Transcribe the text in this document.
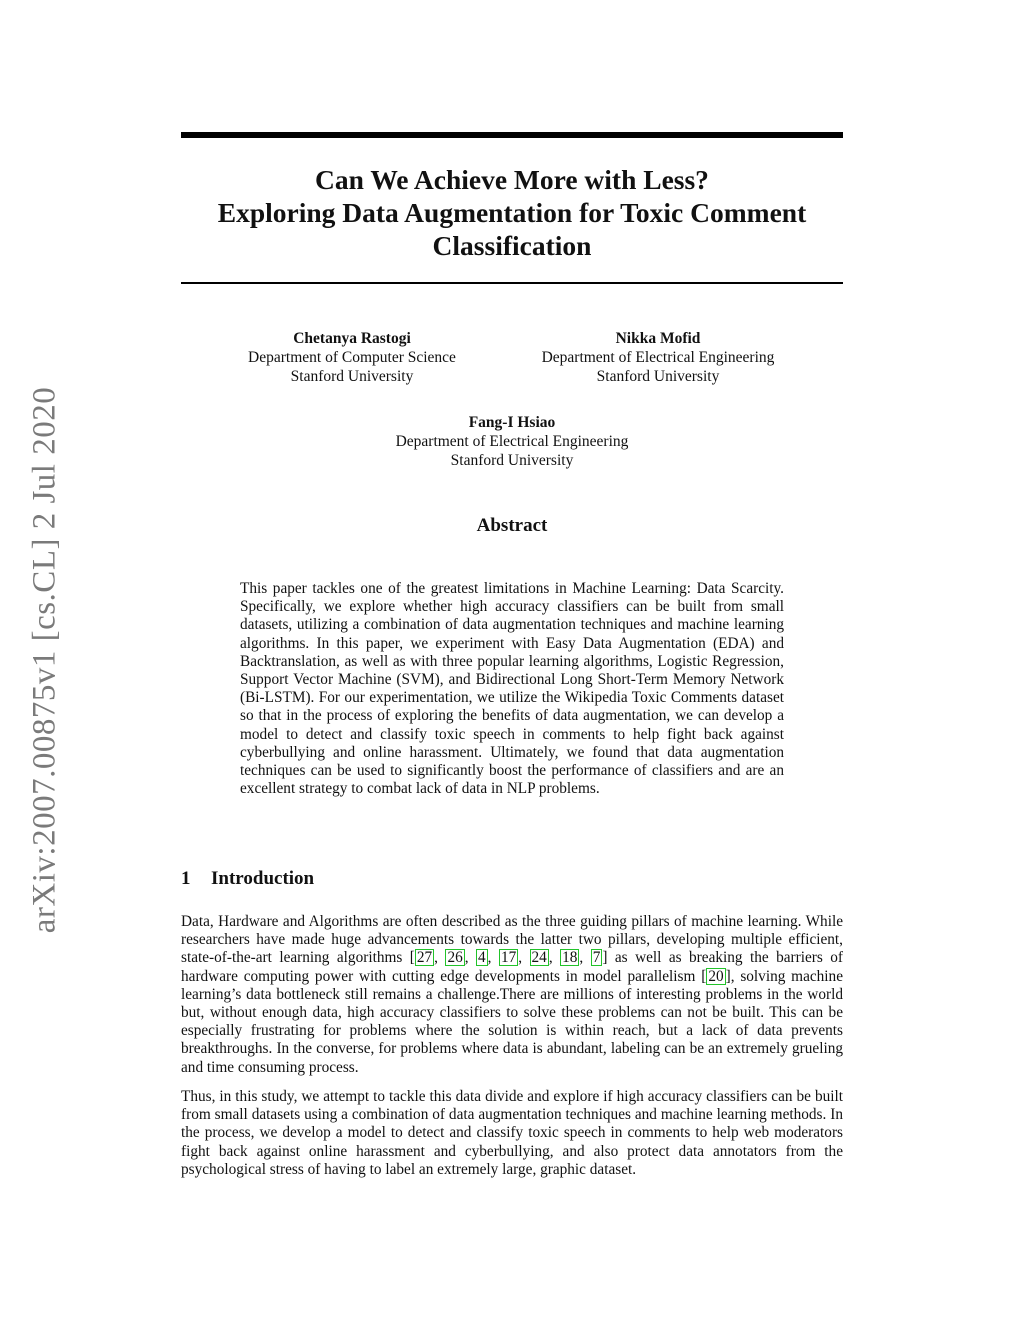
arXiv:2007.00875v1 [cs.CL] 2 Jul 2020
Can We Achieve More with Less?
Exploring Data Augmentation for Toxic Comment
Classification
Chetanya Rastogi
Department of Computer Science
Stanford University
Nikka Mofid
Department of Electrical Engineering
Stanford University
Fang-I Hsiao
Department of Electrical Engineering
Stanford University
Abstract
This paper tackles one of the greatest limitations in Machine Learning: Data Scarcity. Specifically, we explore whether high accuracy classifiers can be built from small datasets, utilizing a combination of data augmentation techniques and machine learning algorithms. In this paper, we experiment with Easy Data Augmentation (EDA) and Backtranslation, as well as with three popular learning algorithms, Logistic Regression, Support Vector Machine (SVM), and Bidirectional Long Short-Term Memory Network (Bi-LSTM). For our experimentation, we utilize the Wikipedia Toxic Comments dataset so that in the process of exploring the benefits of data augmentation, we can develop a model to detect and classify toxic speech in comments to help fight back against cyberbullying and online harassment. Ultimately, we found that data augmentation techniques can be used to significantly boost the performance of classifiers and are an excellent strategy to combat lack of data in NLP problems.
1 Introduction

Data, Hardware and Algorithms are often described as the three guiding pillars of machine learning. While researchers have made huge advancements towards the latter two pillars, developing multiple efficient, state-of-the-art learning algorithms [ 27 , 26 , 4 , 17 , 24 , 18 , 7 ] as well as breaking the barriers of hardware computing power with cutting edge developments in model parallelism [ 20 ], solving machine learning’s data bottleneck still remains a challenge.There are millions of interesting problems in the world but, without enough data, high accuracy classifiers to solve these problems can not be built. This can be especially frustrating for problems where the solution is within reach, but a lack of data prevents breakthroughs. In the converse, for problems where data is abundant, labeling can be an extremely grueling and time consuming process.

Thus, in this study, we attempt to tackle this data divide and explore if high accuracy classifiers can be built from small datasets using a combination of data augmentation techniques and machine learning methods. In the process, we develop a model to detect and classify toxic speech in comments to help web moderators fight back against online harassment and cyberbullying, and also protect data annotators from the psychological stress of having to label an extremely large, graphic dataset.
